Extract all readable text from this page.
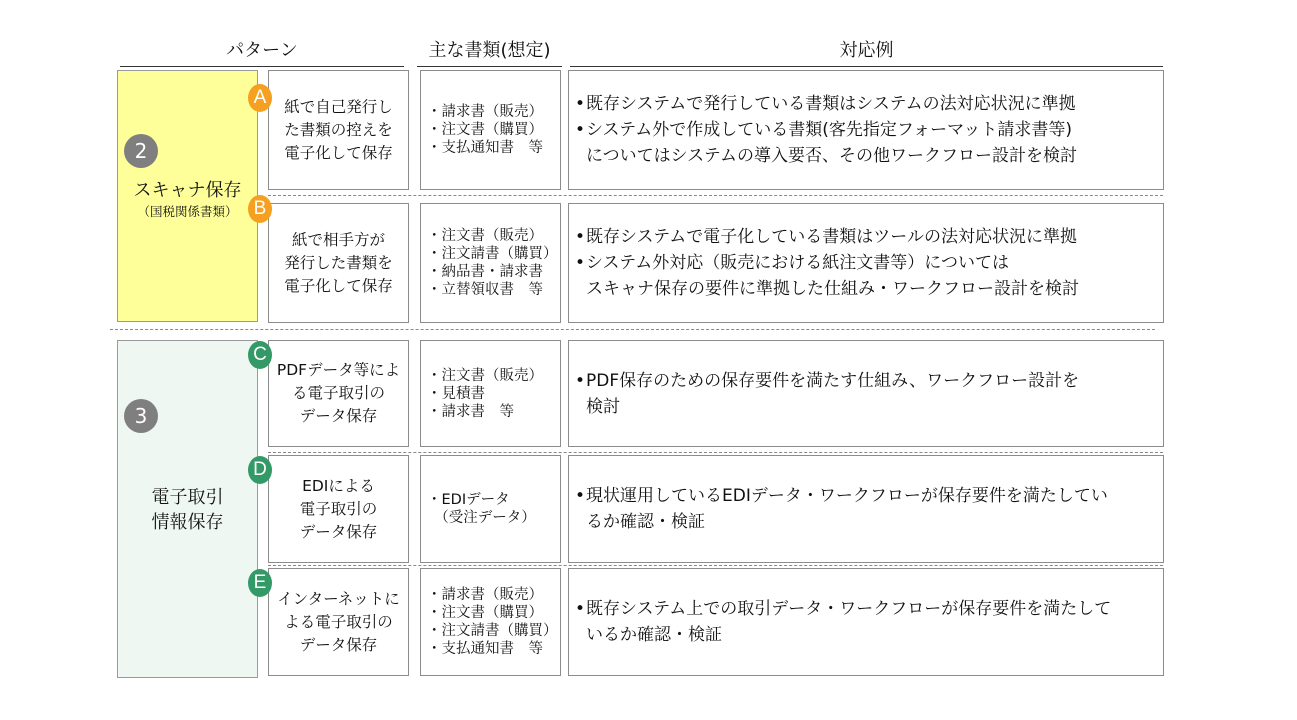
パターン	主な書類(想定)	対応例
2
スキャナ保存
（国税関係書類）
3
電子取引
情報保存
紙で自己発行し
た書類の控えを
電子化して保存
・請求書（販売）
・注文書（購買）
・支払通知書　等
• 既存システムで発行している書類はシステムの法対応状況に準拠
• システム外で作成している書類(客先指定フォーマット請求書等)
についてはシステムの導入要否、その他ワークフロー設計を検討
A
紙で相手方が
発行した書類を
電子化して保存
・注文書（販売）
・注文請書（購買）
・納品書・請求書
・立替領収書　等
• 既存システムで電子化している書類はツールの法対応状況に準拠
• システム外対応（販売における紙注文書等）については
スキャナ保存の要件に準拠した仕組み・ワークフロー設計を検討
B
PDFデータ等によ
る電子取引の
データ保存
・注文書（販売）
・見積書
・請求書　等
• PDF保存のための保存要件を満たす仕組み、ワークフロー設計を
検討
C
EDIによる
電子取引の
データ保存
・EDIデータ
　（受注データ）
• 現状運用しているEDIデータ・ワークフローが保存要件を満たしてい
るか確認・検証
D
インターネットに
よる電子取引の
データ保存
・請求書（販売）
・注文書（購買）
・注文請書（購買）
・支払通知書　等
• 既存システム上での取引データ・ワークフローが保存要件を満たして
いるか確認・検証
E
